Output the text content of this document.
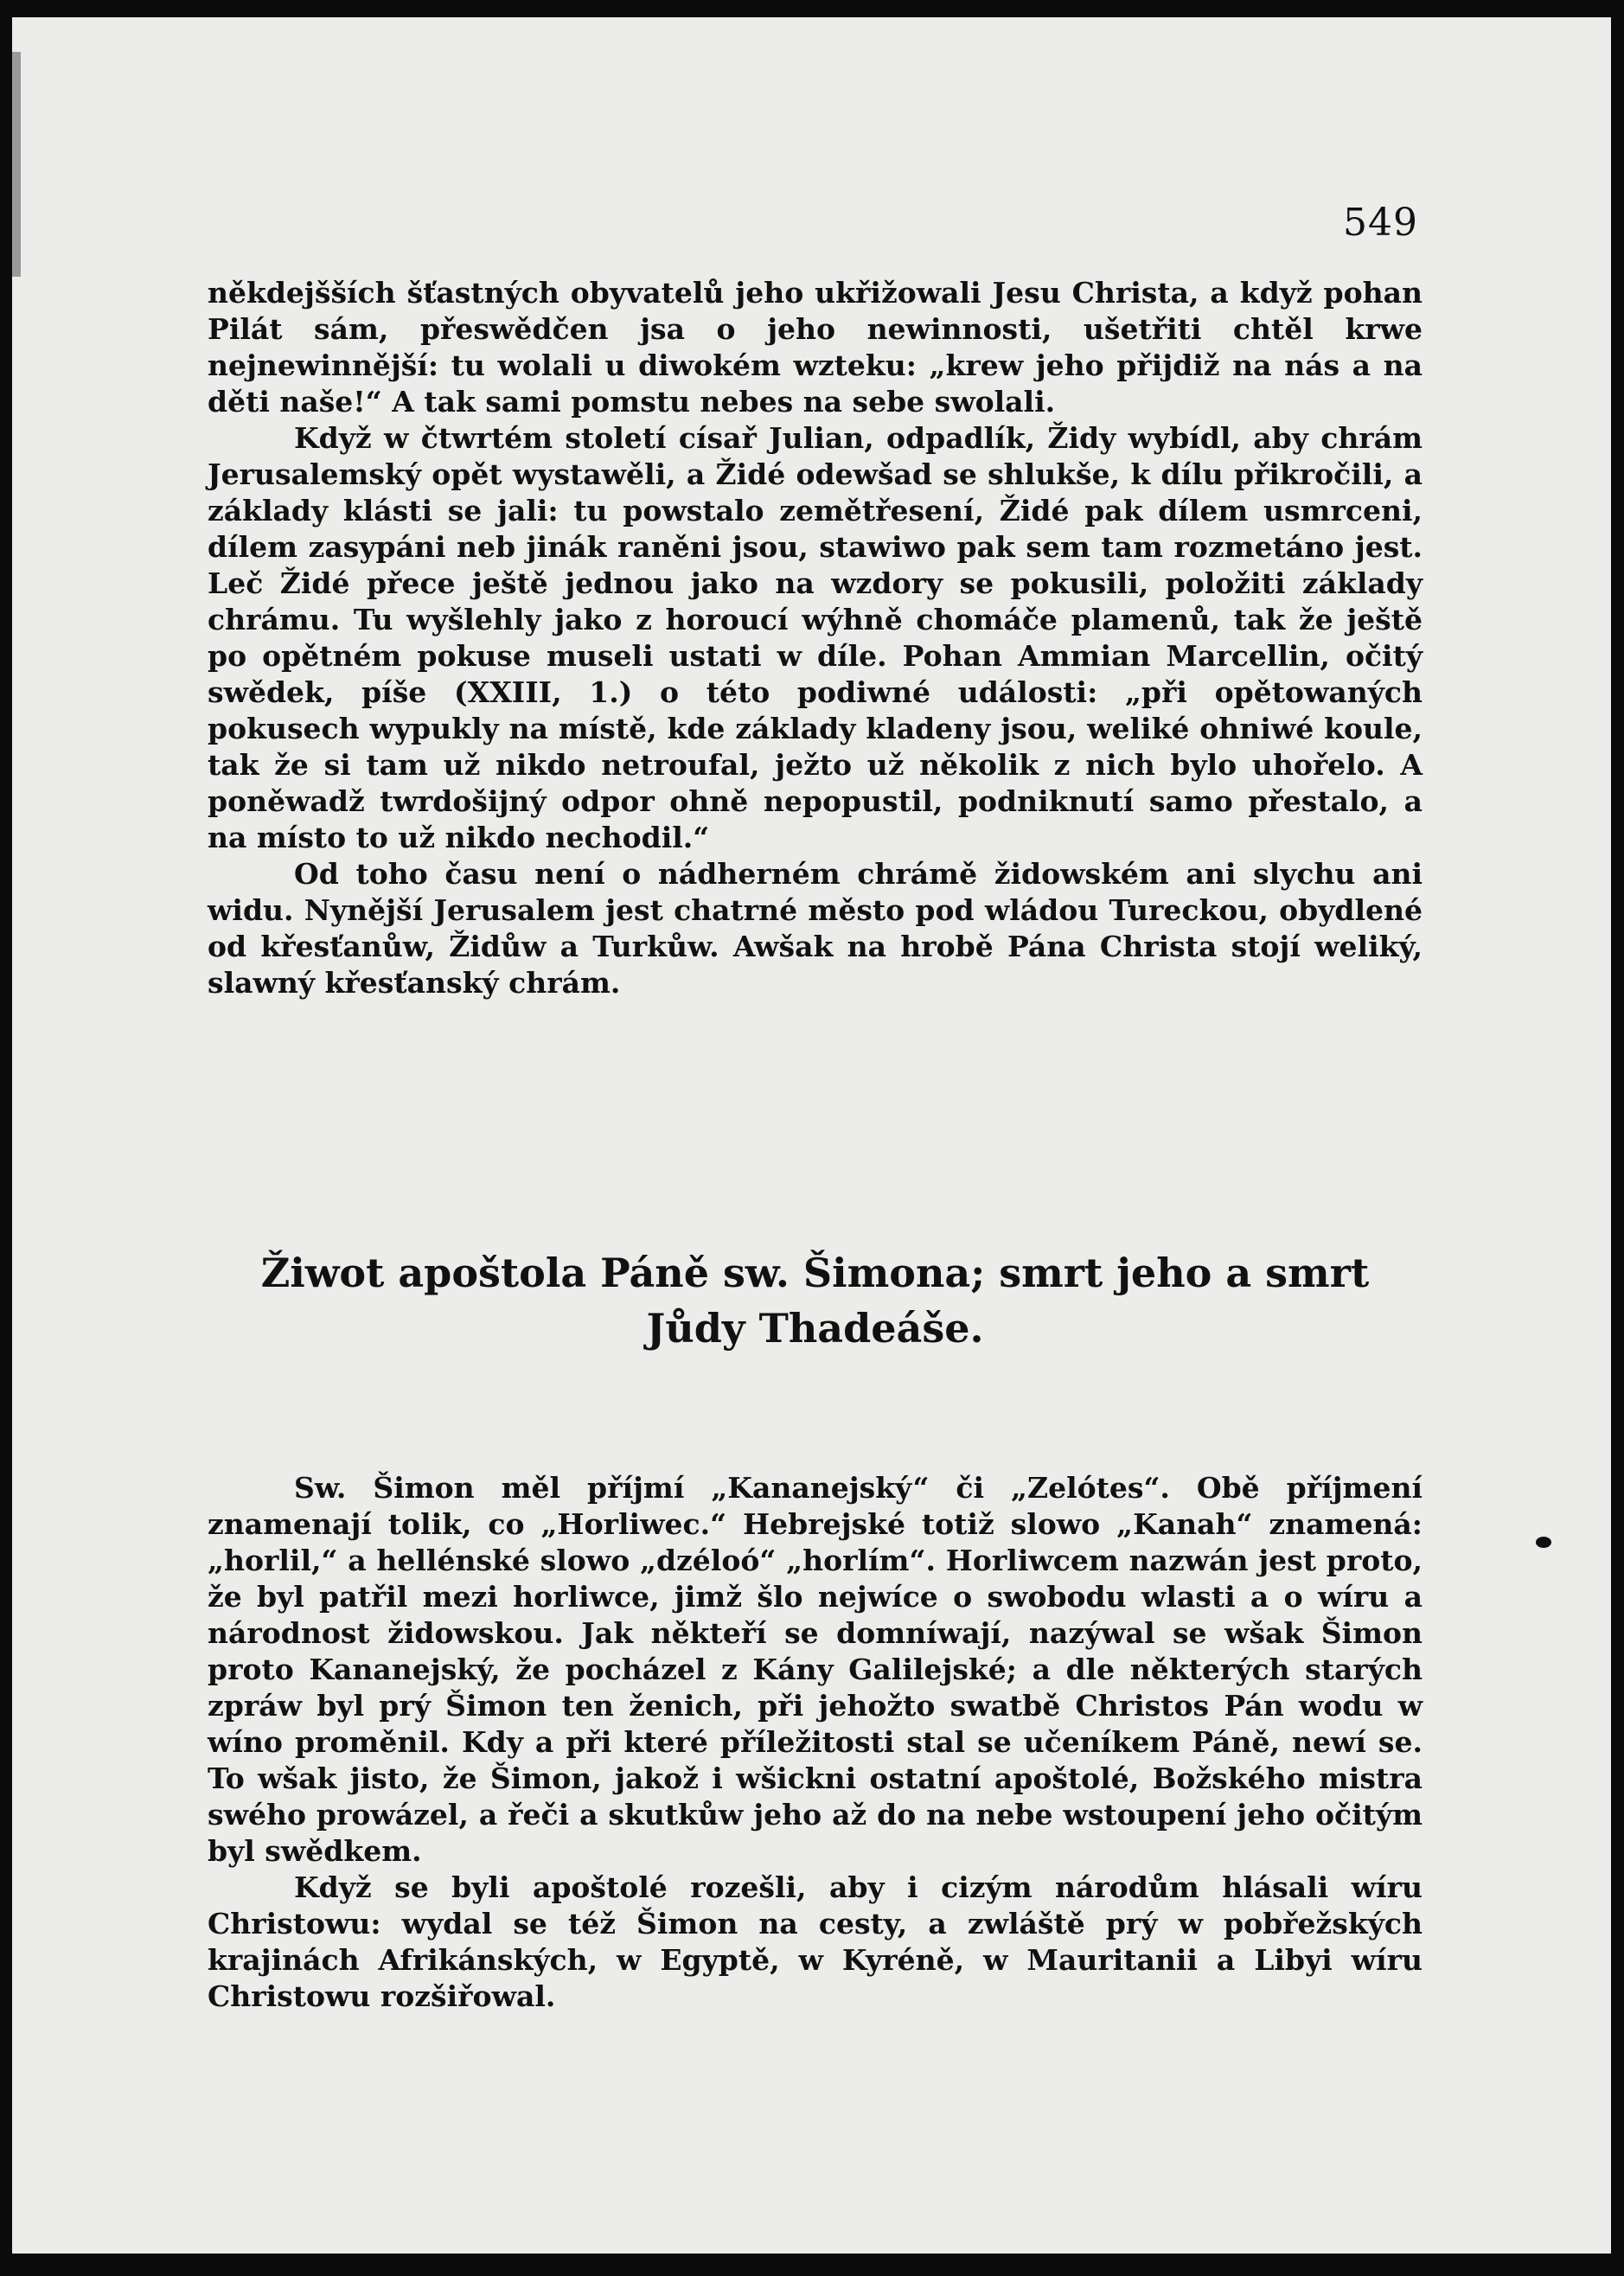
549

někdejšších šťastných obyvatelů jeho ukřižowali Jesu Christa, a když pohan Pilát sám, přeswědčen jsa o jeho newinnosti, ušetřiti chtěl krwe nejnewinnější: tu wolali u diwokém wzteku: „krew jeho přijdiž na nás a na děti naše!“ A tak sami pomstu nebes na sebe swolali.

Když w čtwrtém století císař Julian, odpadlík, Židy wybídl, aby chrám Jerusalemský opět wystawěli, a Židé odewšad se shlukše, k dílu přikročili, a základy klásti se jali: tu powstalo zemětřesení, Židé pak dílem usmrceni, dílem zasypáni neb jinák raněni jsou, stawiwo pak sem tam rozmetáno jest. Leč Židé přece ještě jednou jako na wzdory se pokusili, položiti základy chrámu. Tu wyšlehly jako z horoucí wýhně chomáče plamenů, tak že ještě po opětném pokuse museli ustati w díle. Pohan Ammian Marcellin, očitý swědek, píše (XXIII, 1.) o této podiwné události: „při opětowaných pokusech wypukly na místě, kde základy kladeny jsou, weliké ohniwé koule, tak že si tam už nikdo netroufal, ježto už několik z nich bylo uhořelo. A poněwadž twrdošijný odpor ohně nepopustil, podniknutí samo přestalo, a na místo to už nikdo nechodil.“

Od toho času není o nádherném chrámě židowském ani slychu ani widu. Nynější Jerusalem jest chatrné město pod wládou Tureckou, obydlené od křesťanůw, Židůw a Turkůw. Awšak na hrobě Pána Christa stojí weliký, slawný křesťanský chrám.

Žiwot apoštola Páně sw. Šimona; smrt jeho a smrt
Jůdy Thadeáše.

Sw. Šimon měl příjmí „Kananejský“ či „Zelótes“. Obě příjmení znamenají tolik, co „Horliwec.“ Hebrejské totiž slowo „Kanah“ znamená: „horlil,“ a hellénské slowo „dzéloó“ „horlím“. Horliwcem nazwán jest proto, že byl patřil mezi horliwce, jimž šlo nejwíce o swobodu wlasti a o wíru a národnost židowskou. Jak někteří se domníwají, nazýwal se wšak Šimon proto Kananejský, že pocházel z Kány Galilejské; a dle některých starých zpráw byl prý Šimon ten ženich, při jehožto swatbě Christos Pán wodu w wíno proměnil. Kdy a při které příležitosti stal se učeníkem Páně, newí se. To wšak jisto, že Šimon, jakož i wšickni ostatní apoštolé, Božského mistra swého prowázel, a řeči a skutkůw jeho až do na nebe wstoupení jeho očitým byl swědkem.

Když se byli apoštolé rozešli, aby i cizým národům hlásali wíru Christowu: wydal se též Šimon na cesty, a zwláště prý w pobřežských krajinách Afrikánských, w Egyptě, w Kyréně, w Mauritanii a Libyi wíru Christowu rozšiřowal.
